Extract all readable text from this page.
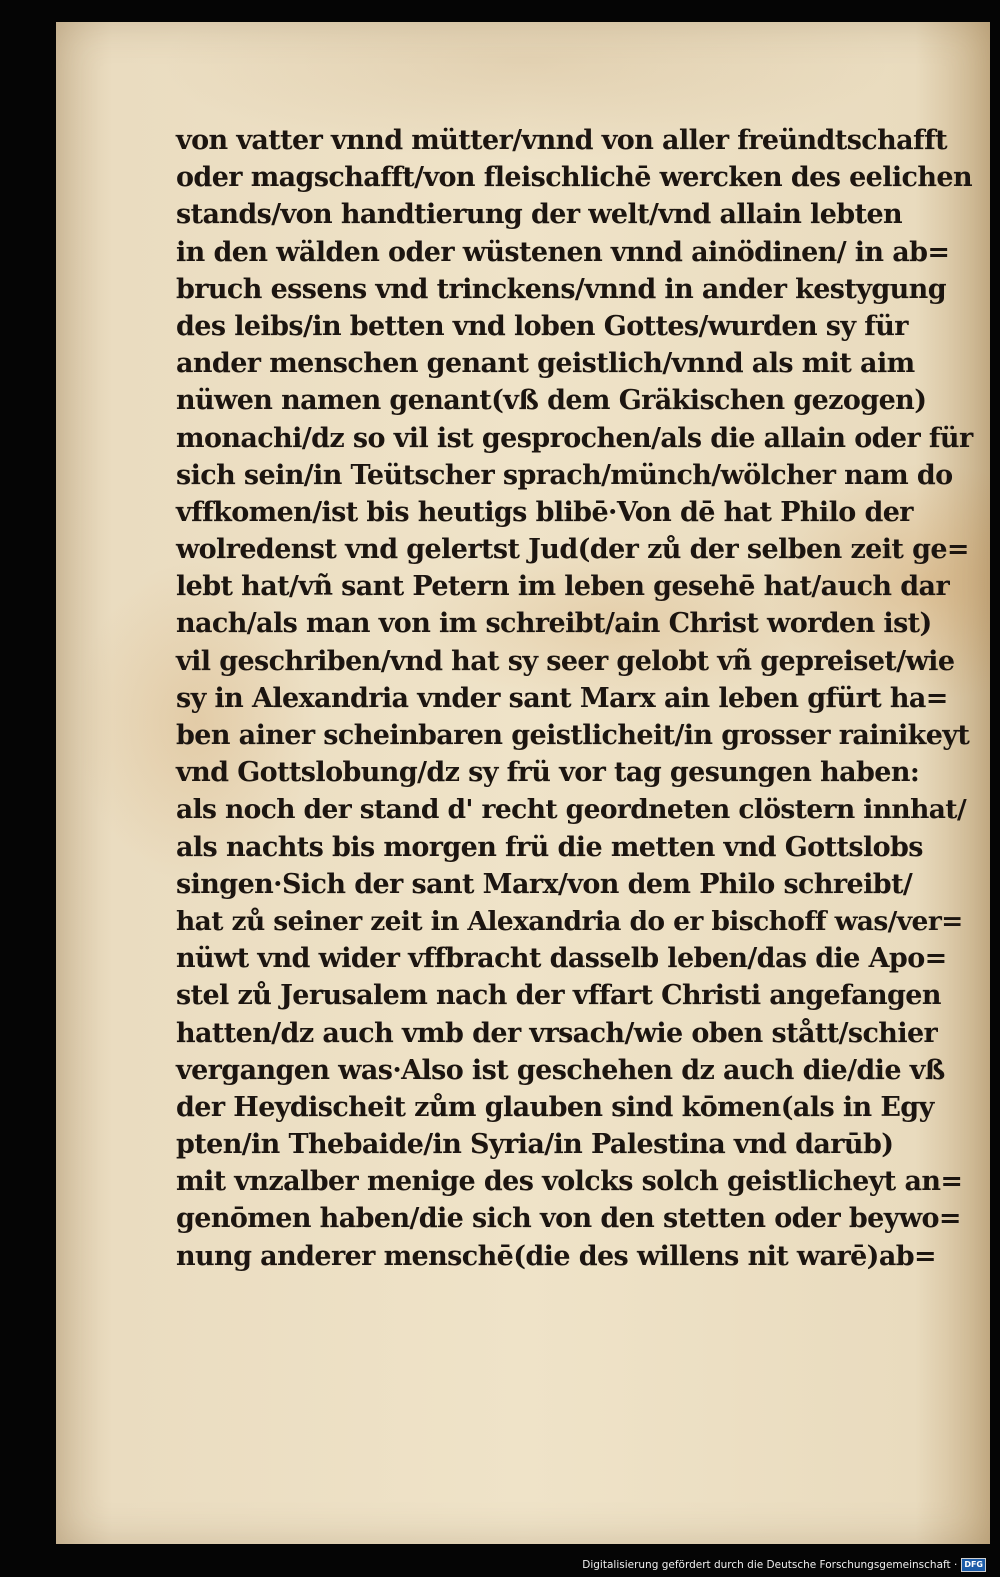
von vatter vnnd mütter/vnnd von aller freündtschafft
oder magschafft/von fleischlichē wercken des eelichen
stands/von handtierung der welt/vnd allain lebten
in den wälden oder wüstenen vnnd ainödinen/ in ab=
bruch essens vnd trinckens/vnnd in ander kestygung
des leibs/in betten vnd loben Gottes/wurden sy für
ander menschen genant geistlich/vnnd als mit aim
nüwen namen genant(vß dem Gräkischen gezogen)
monachi/dz so vil ist gesprochen/als die allain oder für
sich sein/in Teütscher sprach/münch/wölcher nam do
vffkomen/ist bis heutigs blibē·Von dē hat Philo der
wolredenst vnd gelertst Jud(der zů der selben zeit ge=
lebt hat/vñ sant Petern im leben gesehē hat/auch dar
nach/als man von im schreibt/ain Christ worden ist)
vil geschriben/vnd hat sy seer gelobt vñ gepreiset/wie
sy in Alexandria vnder sant Marx ain leben gfürt ha=
ben ainer scheinbaren geistlicheit/in grosser rainikeyt
vnd Gottslobung/dz sy frü vor tag gesungen haben:
als noch der stand d' recht geordneten clöstern innhat/
als nachts bis morgen frü die metten vnd Gottslobs
singen·Sich der sant Marx/von dem Philo schreibt/
hat zů seiner zeit in Alexandria do er bischoff was/ver=
nüwt vnd wider vffbracht dasselb leben/das die Apo=
stel zů Jerusalem nach der vffart Christi angefangen
hatten/dz auch vmb der vrsach/wie oben stått/schier
vergangen was·Also ist geschehen dz auch die/die vß
der Heydischeit zům glauben sind kōmen(als in Egy
pten/in Thebaide/in Syria/in Palestina vnd darūb)
mit vnzalber menige des volcks solch geistlicheyt an=
genōmen haben/die sich von den stetten oder beywo=
nung anderer menschē(die des willens nit warē)ab=
Digitalisierung gefördert durch die Deutsche Forschungsgemeinschaft · DFG
